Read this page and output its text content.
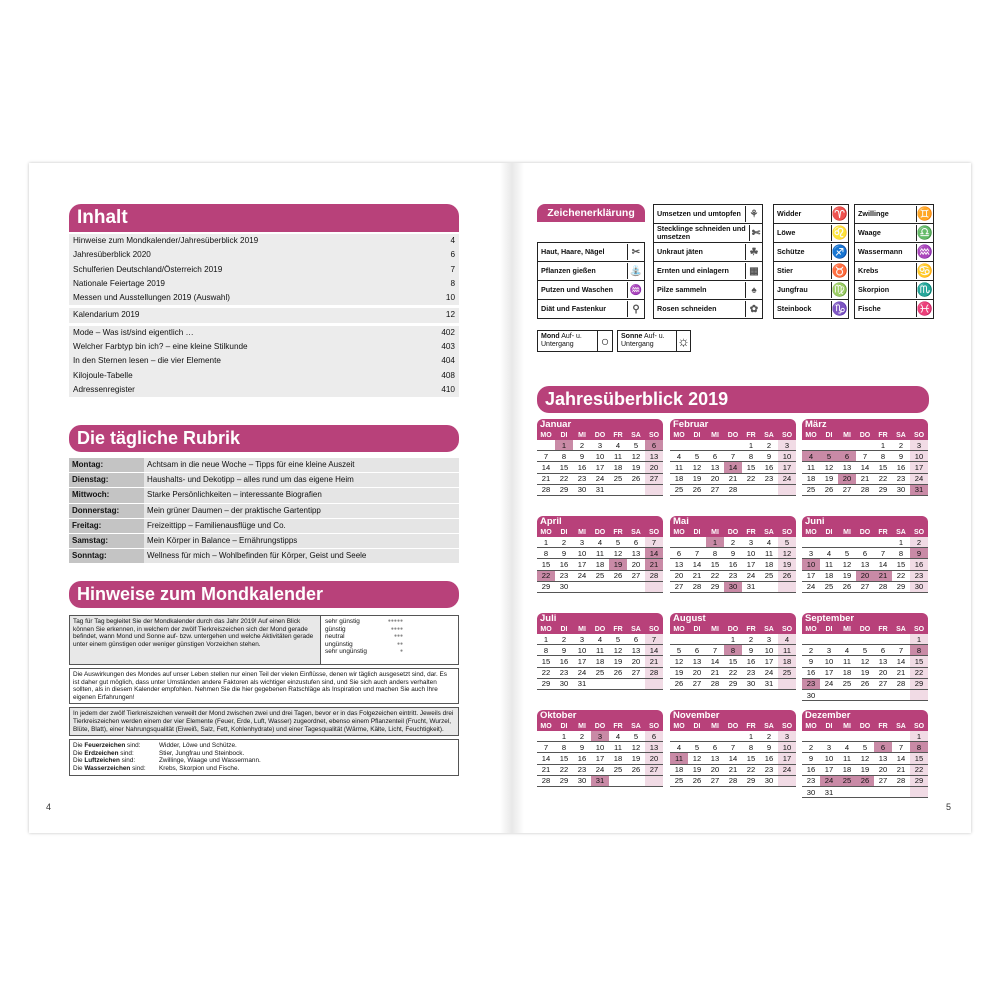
4	5
Inhalt
Hinweise zum Mondkalender/Jahresüberblick 2019	4
Jahresüberblick 2020	6
Schulferien Deutschland/Österreich 2019	7
Nationale Feiertage 2019	8
Messen und Ausstellungen 2019 (Auswahl)	10
Kalendarium 2019	12
Mode – Was ist/sind eigentlich …	402
Welcher Farbtyp bin ich? – eine kleine Stilkunde	403
In den Sternen lesen – die vier Elemente	404
Kilojoule-Tabelle	408
Adressenregister	410
Die tägliche Rubrik
Montag:	Achtsam in die neue Woche – Tipps für eine kleine Auszeit
Dienstag:	Haushalts- und Dekotipp – alles rund um das eigene Heim
Mittwoch:	Starke Persönlichkeiten – interessante Biografien
Donnerstag:	Mein grüner Daumen – der praktische Gartentipp
Freitag:	Freizeittipp – Familienausflüge und Co.
Samstag:	Mein Körper in Balance – Ernährungstipps
Sonntag:	Wellness für mich – Wohlbefinden für Körper, Geist und Seele
Hinweise zum Mondkalender
Tag für Tag begleitet Sie der Mondkalender durch das Jahr 2019! Auf einen Blick können Sie erkennen, in welchem der zwölf Tierkreiszeichen sich der Mond gerade befindet, wann Mond und Sonne auf- bzw. untergehen und welche Aktivitäten gerade unter einem günstigen oder weniger günstigen Vorzeichen stehen.
sehr günstig	●●●●●
günstig	●●●●
neutral	●●●
ungünstig	●●
sehr ungünstig	●
Die Auswirkungen des Mondes auf unser Leben stellen nur einen Teil der vielen Einflüsse, denen wir täglich ausgesetzt sind, dar. Es ist daher gut möglich, dass unter Umständen andere Faktoren als wichtiger einzustufen sind, und Sie sich auch anders verhalten sollten, als in diesem Kalender empfohlen. Nehmen Sie die hier gegebenen Ratschläge als Inspiration und machen Sie auch Ihre eigenen Erfahrungen!
In jedem der zwölf Tierkreiszeichen verweilt der Mond zwischen zwei und drei Tagen, bevor er in das Folgezeichen eintritt. Jeweils drei Tierkreiszeichen werden einem der vier Elemente (Feuer, Erde, Luft, Wasser) zugeordnet, ebenso einem Pflanzenteil (Frucht, Wurzel, Blüte, Blatt), einer Nahrungsqualität (Eiweiß, Salz, Fett, Kohlenhydrate) und einer Tagesqualität (Wärme, Kälte, Licht, Feuchtigkeit).
Die Feuerzeichen sind:	Widder, Löwe und Schütze.
Die Erdzeichen sind:	Stier, Jungfrau und Steinbock.
Die Luftzeichen sind:	Zwillinge, Waage und Wassermann.
Die Wasserzeichen sind:	Krebs, Skorpion und Fische.
Zeichenerklärung
Haut, Haare, Nägel	✂
Pflanzen gießen	⛲
Putzen und Waschen ♒
Diät und Fastenkur	⚲
Umsetzen und umtopfen ⚘
Stecklinge schneiden und umsetzen	✄
Unkraut jäten	☘
Ernten und einlagern	▦
Pilze sammeln	♠
Rosen schneiden	✿
Widder ♈
Löwe	♌
Schütze ♐
Stier	♉
Jungfrau ♍
Steinbock ♑
Zwillinge ♊
Waage	♎
Wassermann ♒
Krebs	♋
Skorpion ♏
Fische	♓
Mond Auf- u. Untergang	○	Sonne Auf- u. Untergang	☼
Jahresüberblick 2019
Januar
MO	DI	MI	DO	FR	SA	SO
	1	2	3	4	5	6
7	8	9	10	11	12	13
14	15	16	17	18	19	20
21	22	23	24	25	26	27
28	29	30	31			
Februar
MO	DI	MI	DO	FR	SA	SO
				1	2	3
4	5	6	7	8	9	10
11	12	13	14	15	16	17
18	19	20	21	22	23	24
25	26	27	28			
März
MO	DI	MI	DO	FR	SA	SO
				1	2	3
4	5	6	7	8	9	10
11	12	13	14	15	16	17
18	19	20	21	22	23	24
25	26	27	28	29	30	31
April
MO	DI	MI	DO	FR	SA	SO
1	2	3	4	5	6	7
8	9	10	11	12	13	14
15	16	17	18	19	20	21
22	23	24	25	26	27	28
29	30					
Mai
MO	DI	MI	DO	FR	SA	SO
		1	2	3	4	5
6	7	8	9	10	11	12
13	14	15	16	17	18	19
20	21	22	23	24	25	26
27	28	29	30	31		
Juni
MO	DI	MI	DO	FR	SA	SO
					1	2
3	4	5	6	7	8	9
10	11	12	13	14	15	16
17	18	19	20	21	22	23
24	25	26	27	28	29	30
Juli
MO	DI	MI	DO	FR	SA	SO
1	2	3	4	5	6	7
8	9	10	11	12	13	14
15	16	17	18	19	20	21
22	23	24	25	26	27	28
29	30	31				
August
MO	DI	MI	DO	FR	SA	SO
			1	2	3	4
5	6	7	8	9	10	11
12	13	14	15	16	17	18
19	20	21	22	23	24	25
26	27	28	29	30	31	
September
MO	DI	MI	DO	FR	SA	SO
						1
2	3	4	5	6	7	8
9	10	11	12	13	14	15
16	17	18	19	20	21	22
23	24	25	26	27	28	29
30						
Oktober
MO	DI	MI	DO	FR	SA	SO
	1	2	3	4	5	6
7	8	9	10	11	12	13
14	15	16	17	18	19	20
21	22	23	24	25	26	27
28	29	30	31			
November
MO	DI	MI	DO	FR	SA	SO
				1	2	3
4	5	6	7	8	9	10
11	12	13	14	15	16	17
18	19	20	21	22	23	24
25	26	27	28	29	30	
Dezember
MO	DI	MI	DO	FR	SA	SO
						1
2	3	4	5	6	7	8
9	10	11	12	13	14	15
16	17	18	19	20	21	22
23	24	25	26	27	28	29
30	31					
